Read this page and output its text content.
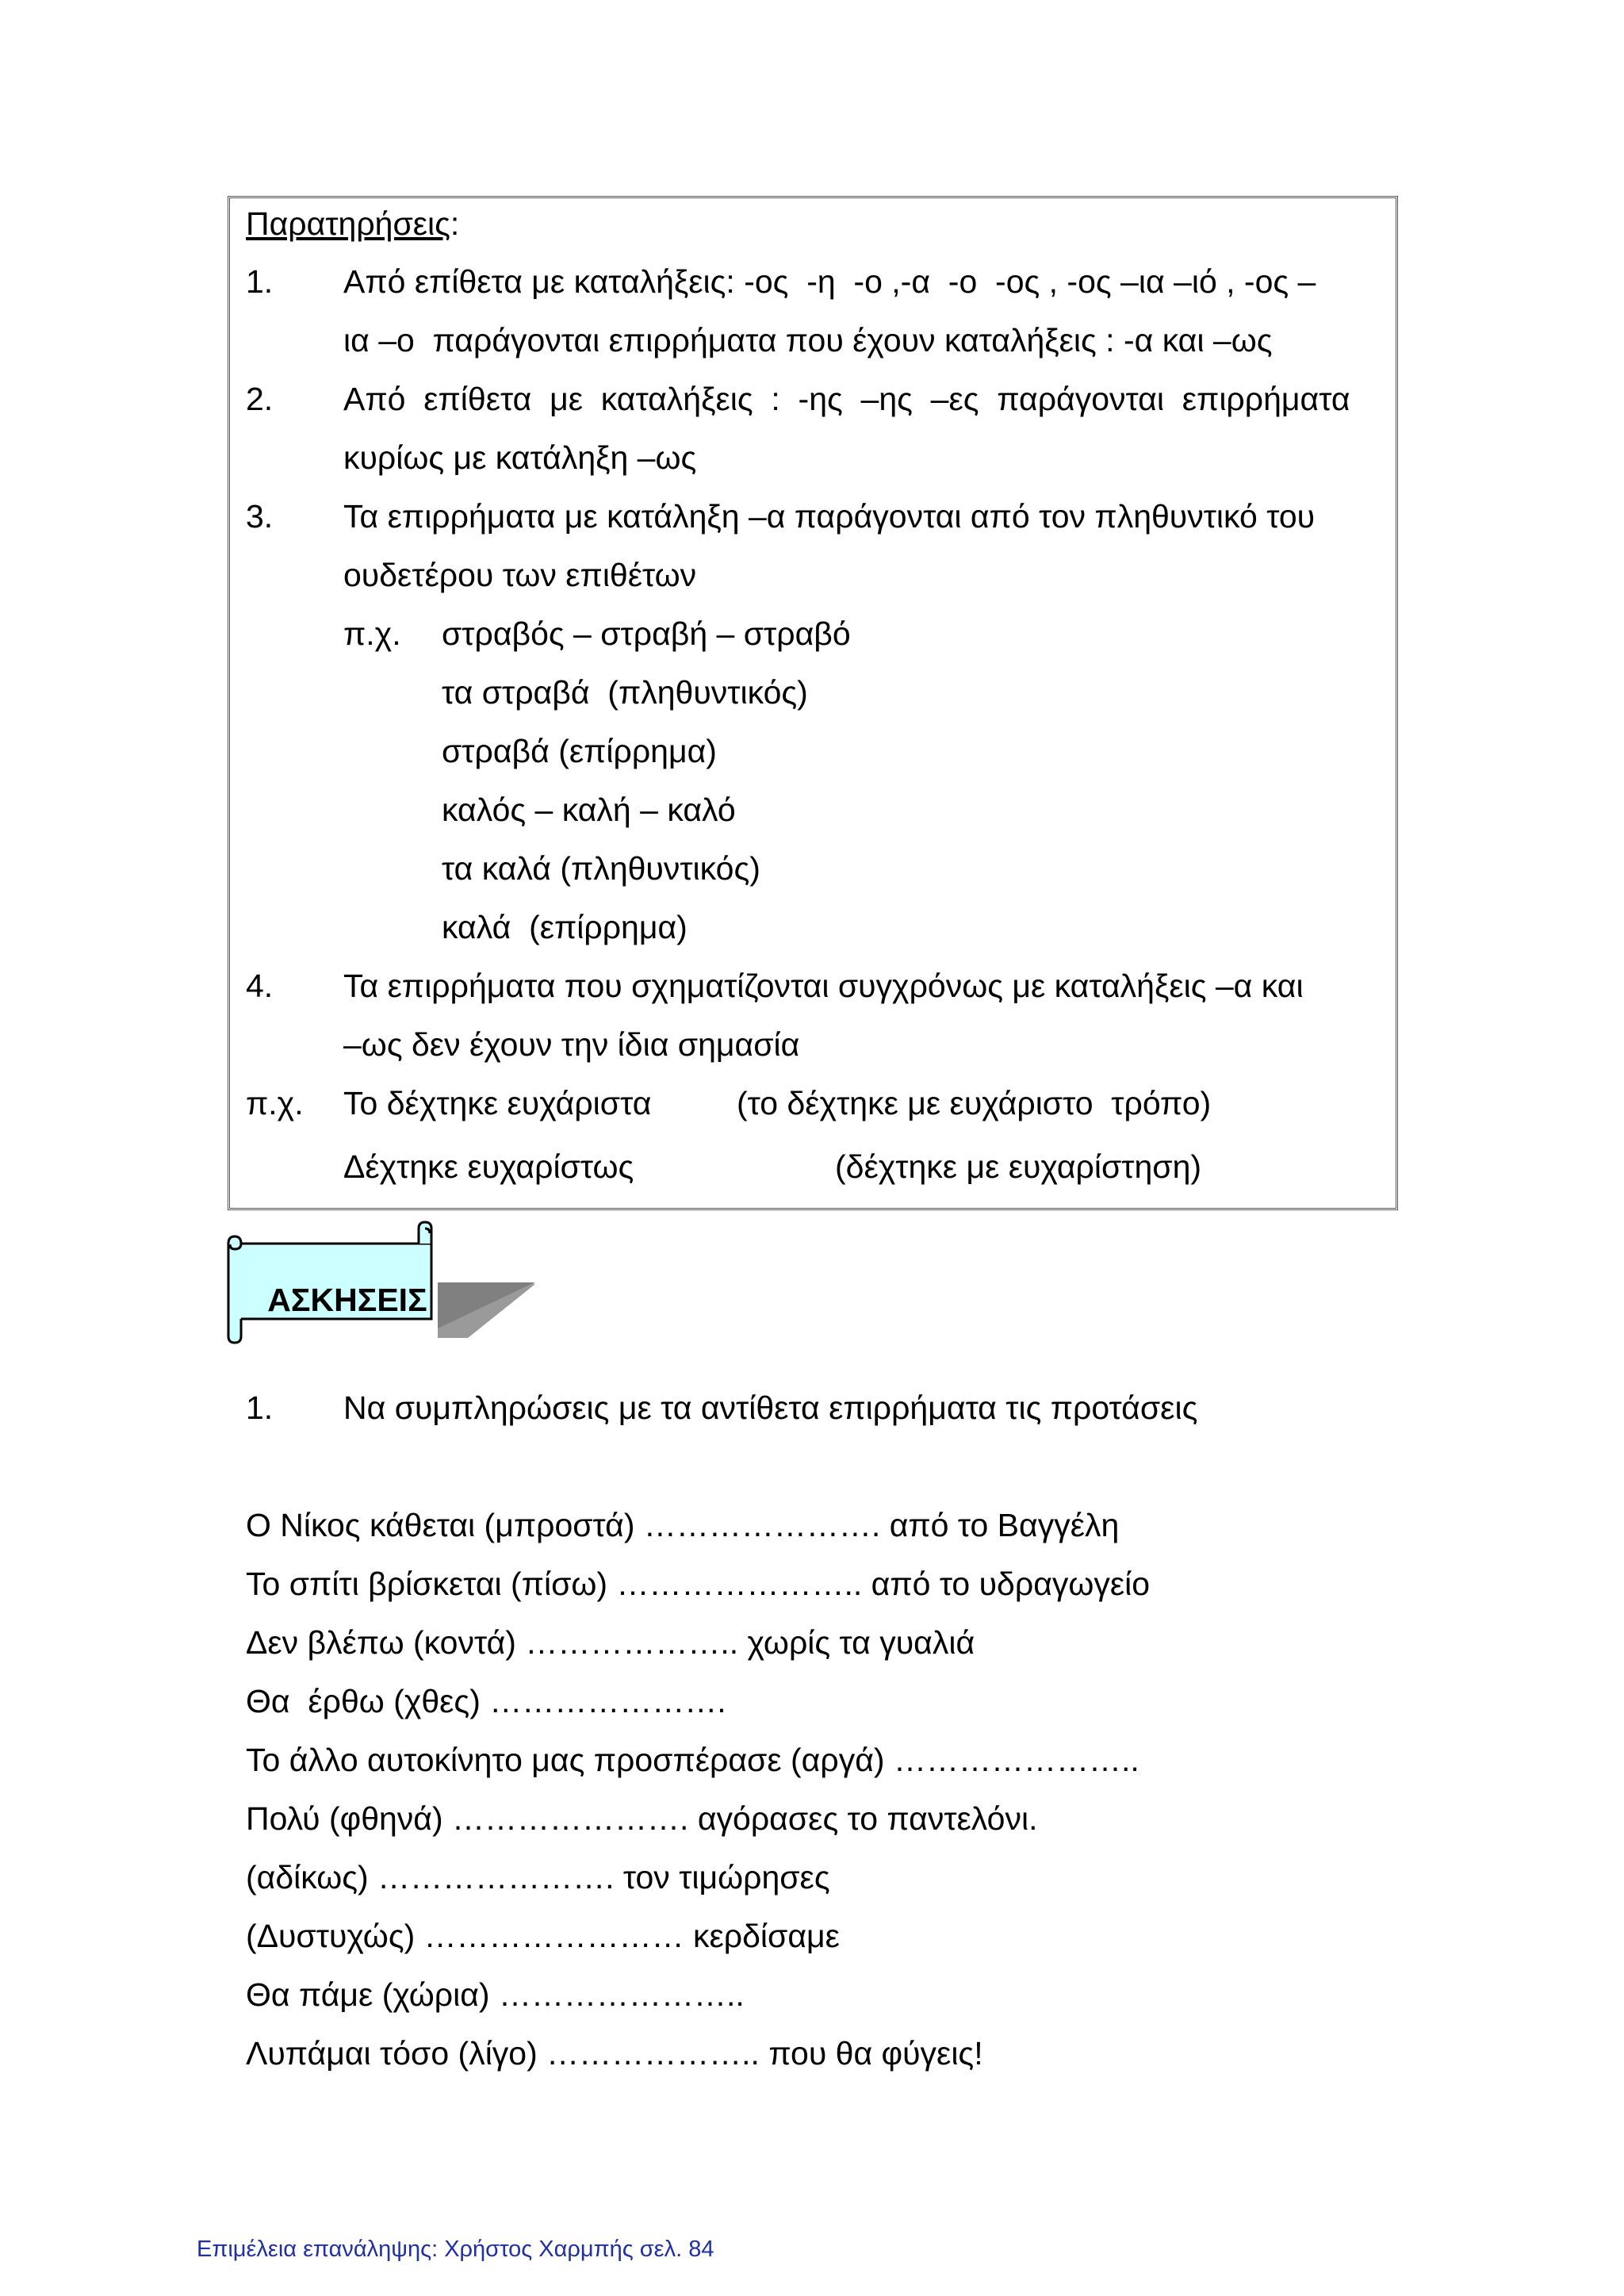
Παρατηρήσεις:
1. Από επίθετα με καταλήξεις: -ος  -η  -ο ,-α  -ο  -ος , -ος –ια –ιό , -ος –
ια –ο  παράγονται επιρρήματα που έχουν καταλήξεις : -α και –ως
2. Από  επίθετα  με  καταλήξεις  :  -ης  –ης  –ες  παράγονται  επιρρήματα
κυρίως με κατάληξη –ως
3. Τα επιρρήματα με κατάληξη –α παράγονται από τον πληθυντικό του
ουδετέρου των επιθέτων
π.χ. στραβός – στραβή – στραβό
τα στραβά  (πληθυντικός)
στραβά (επίρρημα)
καλός – καλή – καλό
τα καλά (πληθυντικός)
καλά  (επίρρημα)
4. Τα επιρρήματα που σχηματίζονται συγχρόνως με καταλήξεις –α και
–ως δεν έχουν την ίδια σημασία
π.χ. Το δέχτηκε ευχάριστα	(το δέχτηκε με ευχάριστο  τρόπο)
Δέχτηκε ευχαρίστως	(δέχτηκε με ευχαρίστηση)
ΑΣΚΗΣΕΙΣ
1. Να συμπληρώσεις με τα αντίθετα επιρρήματα τις προτάσεις
Ο Νίκος κάθεται (μπροστά) …………………. από το Βαγγέλη
Το σπίτι βρίσκεται (πίσω) ………………….. από το υδραγωγείο
Δεν βλέπω (κοντά) ……………….. χωρίς τα γυαλιά
Θα  έρθω (χθες) ………………….
Το άλλο αυτοκίνητο μας προσπέρασε (αργά) …………………..
Πολύ (φθηνά) …………………. αγόρασες το παντελόνι.
(αδίκως) …………………. τον τιμώρησες
(Δυστυχώς) …………………… κερδίσαμε
Θα πάμε (χώρια) …………………..
Λυπάμαι τόσο (λίγο) ……………….. που θα φύγεις!
Επιμέλεια επανάληψης: Χρήστος Χαρμπής σελ. 84
